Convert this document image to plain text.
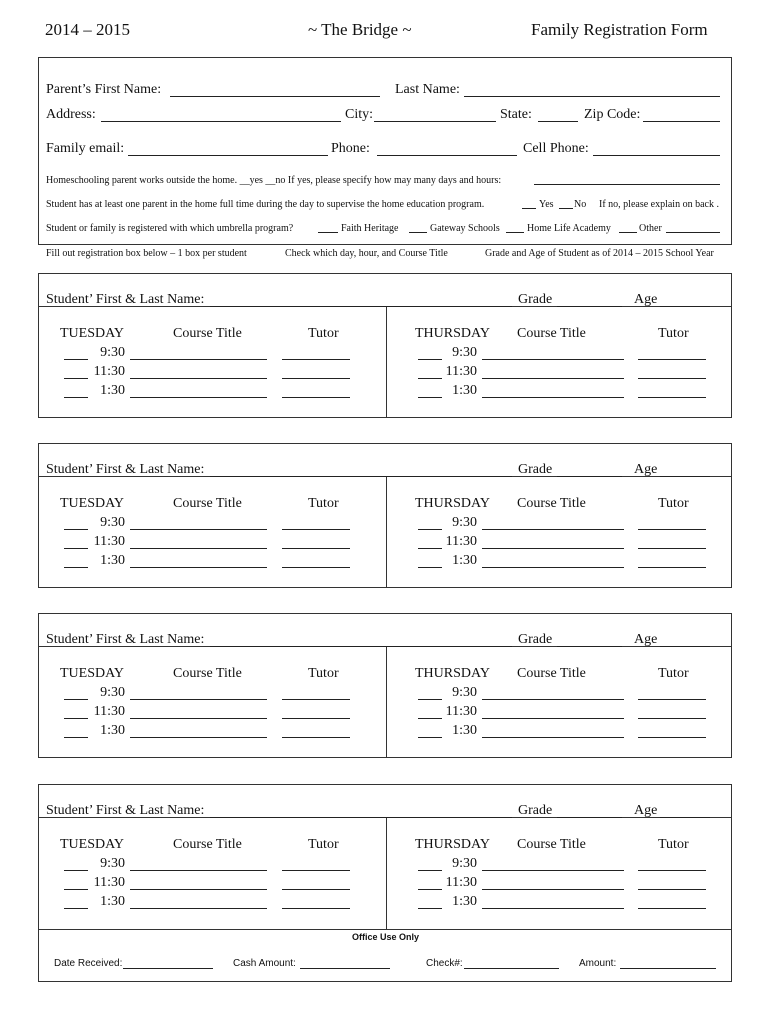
2014 – 2015	~ The Bridge ~	Family Registration Form
Parent’s First Name:	Last Name:
Address:	City:	State:	Zip Code:
Family email:	Phone:	Cell Phone:
Homeschooling parent works outside the home. __yes __no If yes, please specify how may many days and hours:
Student has at least one parent in the home full time during the day to supervise the home education program.	Yes No If no, please explain on back .
Student or family is registered with which umbrella program?	Faith Heritage	Gateway Schools	Home Life Academy	Other
Fill out registration box below – 1 box per student	Check which day, hour, and Course Title	Grade and Age of Student as of 2014 – 2015 School Year
Student’ First & Last Name:	Grade	Age
TUESDAY	Course Title	Tutor
9:30
11:30
1:30
THURSDAY Course Title	Tutor
9:30
11:30
1:30
Student’ First & Last Name:	Grade	Age
TUESDAY	Course Title	Tutor
9:30
11:30
1:30
THURSDAY Course Title	Tutor
9:30
11:30
1:30
Student’ First & Last Name:	Grade	Age
TUESDAY	Course Title	Tutor
9:30
11:30
1:30
THURSDAY Course Title	Tutor
9:30
11:30
1:30
Student’ First & Last Name:	Grade	Age
TUESDAY	Course Title	Tutor
9:30
11:30
1:30
THURSDAY Course Title	Tutor
9:30
11:30
1:30
Office Use Only
Date Received:	Cash Amount:	Check#:	Amount:
